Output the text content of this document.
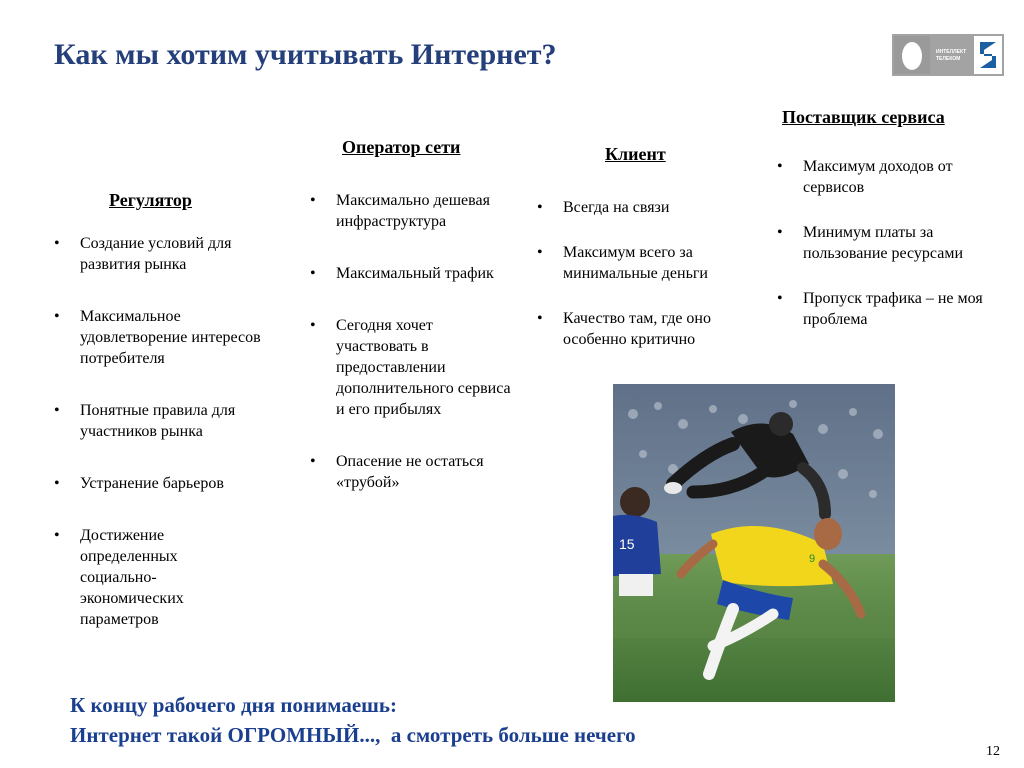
Как мы хотим учитывать Интернет?	ИНТЕЛЛЕКТ
ТЕЛЕКОМ
Регулятор
• Создание условий для развития рынка
• Максимальное удовлетворение интересов потребителя
• Понятные правила для участников рынка
• Устранение барьеров
• Достижение определенных социально-экономических параметров
Оператор сети
• Максимально дешевая инфраструктура
• Максимальный трафик
• Сегодня хочет участвовать в предоставлении дополнительного сервиса и его прибылях
• Опасение не остаться «трубой»
Клиент
• Всегда на связи
• Максимум всего за минимальные деньги
• Качество там, где оно особенно критично
Поставщик сервиса
• Максимум доходов от сервисов
• Минимум платы за пользование ресурсами
• Пропуск трафика – не моя проблема
15
9
К концу рабочего дня понимаешь:
Интернет такой ОГРОМНЫЙ...,  а смотреть больше нечего
12
